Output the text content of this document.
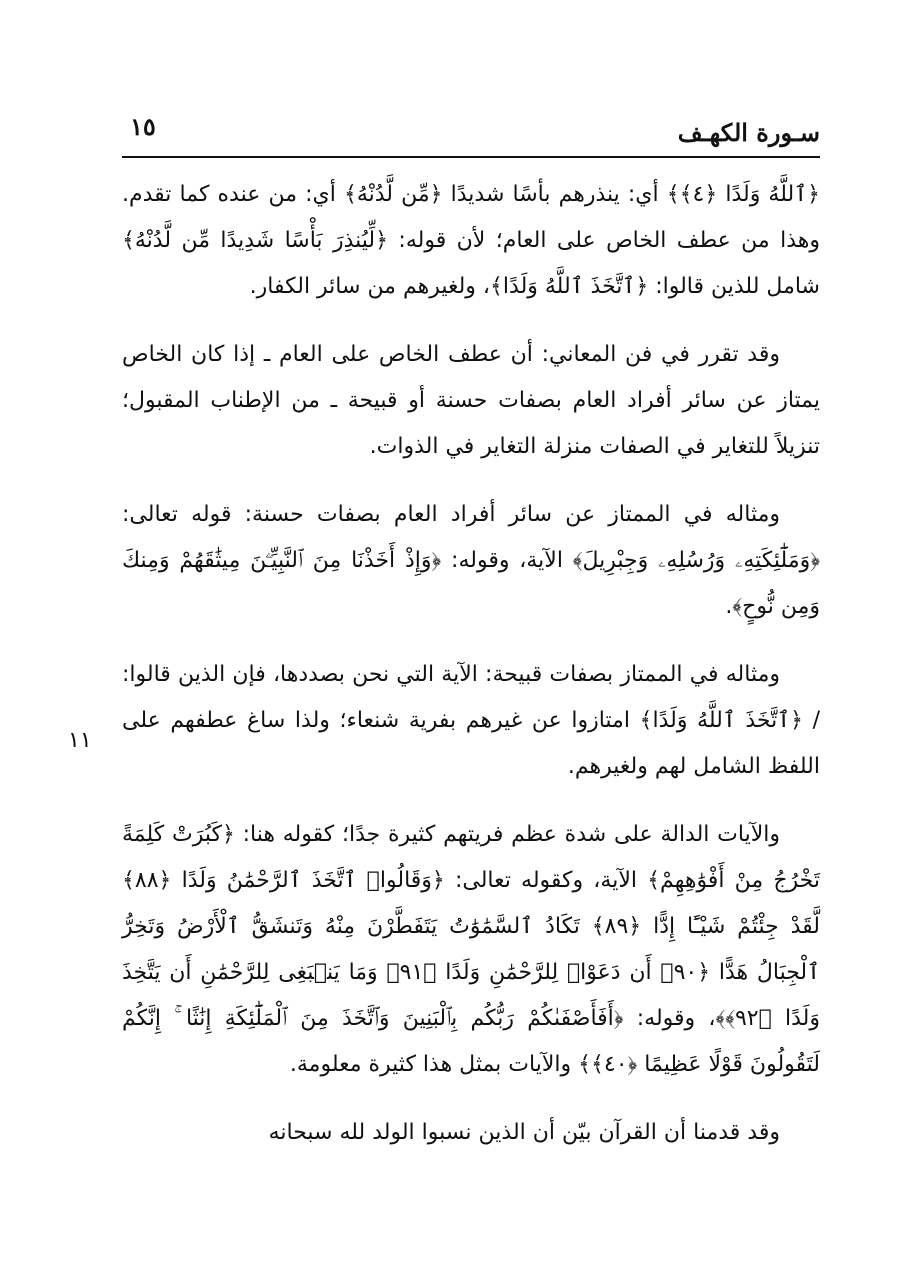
سـورة الكهـف
١٥
١١

﴿ٱللَّهُ وَلَدًا ﴿٤﴾﴾ أي: ينذرهم بأسًا شديدًا ﴿مِّن لَّدُنْهُ﴾ أي: من عنده كما تقدم. وهذا من عطف الخاص على العام؛ لأن قوله: ﴿لِّيُنذِرَ بَأْسًا شَدِيدًا مِّن لَّدُنْهُ﴾ شامل للذين قالوا: ﴿ٱتَّخَذَ ٱللَّهُ وَلَدًا﴾، ولغيرهم من سائر الكفار.

وقد تقرر في فن المعاني: أن عطف الخاص على العام ـ إذا كان الخاص يمتاز عن سائر أفراد العام بصفات حسنة أو قبيحة ـ من الإطناب المقبول؛ تنزيلاً للتغاير في الصفات منزلة التغاير في الذوات.

ومثاله في الممتاز عن سائر أفراد العام بصفات حسنة: قوله تعالى: ﴿وَمَلَٰٓئِكَتِهِۦ وَرُسُلِهِۦ وَجِبْرِيلَ﴾ الآية، وقوله: ﴿وَإِذْ أَخَذْنَا مِنَ ٱلنَّبِيِّـۧنَ مِيثَٰقَهُمْ وَمِنكَ وَمِن نُّوحٍ﴾.

ومثاله في الممتاز بصفات قبيحة: الآية التي نحن بصددها، فإن الذين قالوا: / ﴿ٱتَّخَذَ ٱللَّهُ وَلَدًا﴾ امتازوا عن غيرهم بفرية شنعاء؛ ولذا ساغ عطفهم على اللفظ الشامل لهم ولغيرهم.

والآيات الدالة على شدة عظم فريتهم كثيرة جدًا؛ كقوله هنا: ﴿كَبُرَتْ كَلِمَةً تَخْرُجُ مِنْ أَفْوَٰهِهِمْ﴾ الآية، وكقوله تعالى: ﴿وَقَالُوا۟ ٱتَّخَذَ ٱلرَّحْمَٰنُ وَلَدًا ﴿٨٨﴾ لَّقَدْ جِئْتُمْ شَيْـًٔا إِدًّا ﴿٨٩﴾ تَكَادُ ٱلسَّمَٰوَٰتُ يَتَفَطَّرْنَ مِنْهُ وَتَنشَقُّ ٱلْأَرْضُ وَتَخِرُّ ٱلْجِبَالُ هَدًّا ﴿٩٠﴾ أَن دَعَوْا۟ لِلرَّحْمَٰنِ وَلَدًا ﴿٩١﴾ وَمَا يَنۢبَغِى لِلرَّحْمَٰنِ أَن يَتَّخِذَ وَلَدًا ﴿٩٢﴾﴾، وقوله: ﴿أَفَأَصْفَىٰكُمْ رَبُّكُم بِٱلْبَنِينَ وَٱتَّخَذَ مِنَ ٱلْمَلَٰٓئِكَةِ إِنَٰثًا ۚ إِنَّكُمْ لَتَقُولُونَ قَوْلًا عَظِيمًا ﴿٤٠﴾﴾ والآيات بمثل هذا كثيرة معلومة.

وقد قدمنا أن القرآن بيّن أن الذين نسبوا الولد لله سبحانه
